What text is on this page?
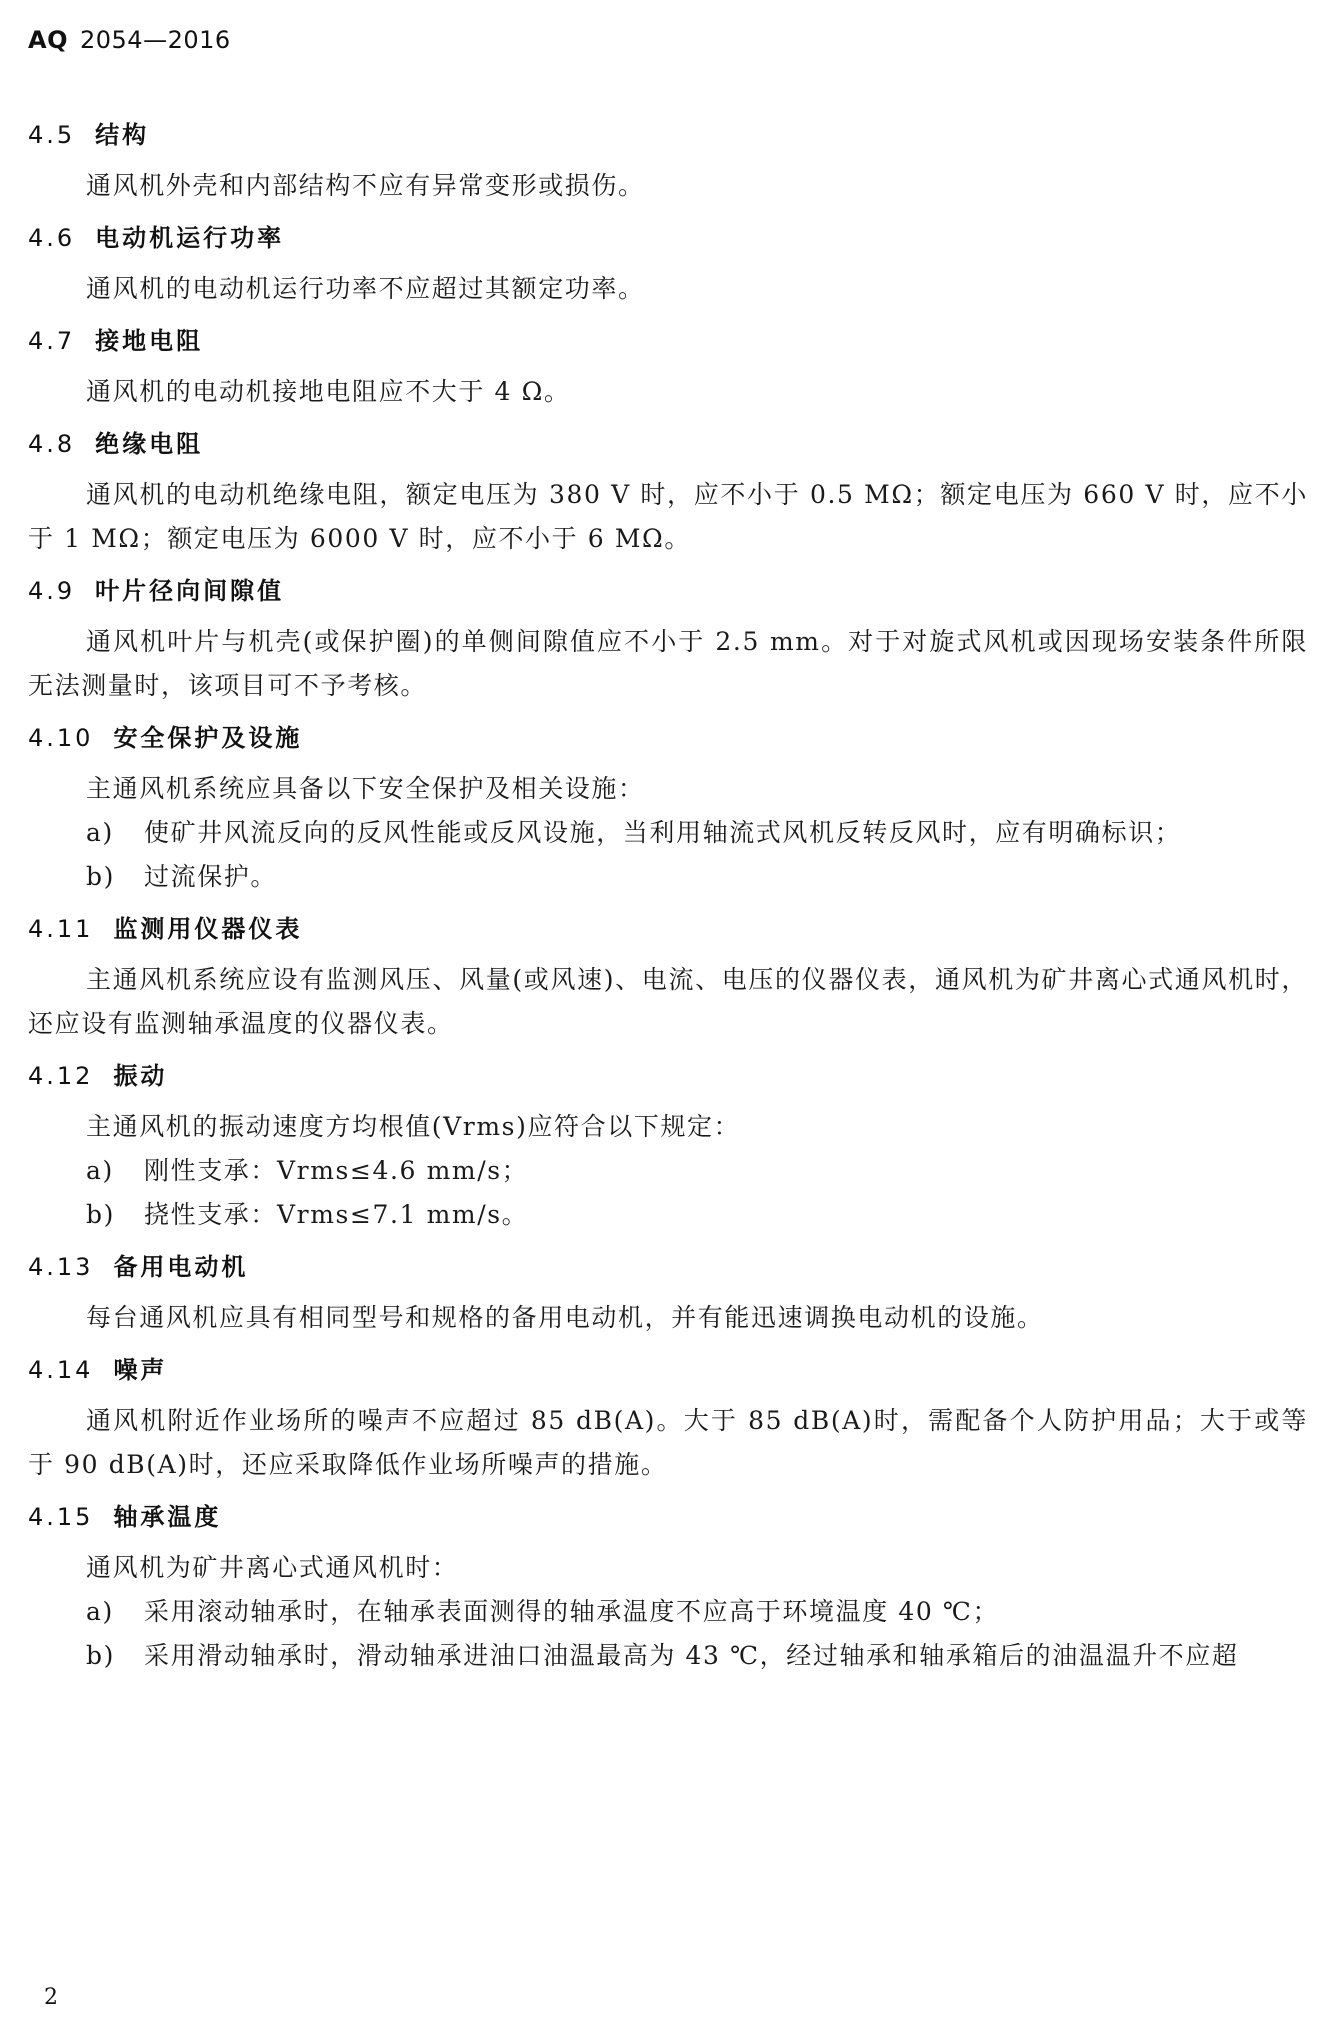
AQ 2054—2016
4.5 结构
通风机外壳和内部结构不应有异常变形或损伤。
4.6 电动机运行功率
通风机的电动机运行功率不应超过其额定功率。
4.7 接地电阻
通风机的电动机接地电阻应不大于 4 Ω。
4.8 绝缘电阻
通风机的电动机绝缘电阻，额定电压为 380 V 时，应不小于 0.5 MΩ；额定电压为 660 V 时，应不小于 1 MΩ；额定电压为 6000 V 时，应不小于 6 MΩ。
4.9 叶片径向间隙值
通风机叶片与机壳(或保护圈)的单侧间隙值应不小于 2.5 mm。对于对旋式风机或因现场安装条件所限无法测量时，该项目可不予考核。
4.10 安全保护及设施
主通风机系统应具备以下安全保护及相关设施：
a) 使矿井风流反向的反风性能或反风设施，当利用轴流式风机反转反风时，应有明确标识；
b) 过流保护。
4.11 监测用仪器仪表
主通风机系统应设有监测风压、风量(或风速)、电流、电压的仪器仪表，通风机为矿井离心式通风机时，还应设有监测轴承温度的仪器仪表。
4.12 振动
主通风机的振动速度方均根值(Vrms)应符合以下规定：
a) 刚性支承：Vrms≤4.6 mm/s；
b) 挠性支承：Vrms≤7.1 mm/s。
4.13 备用电动机
每台通风机应具有相同型号和规格的备用电动机，并有能迅速调换电动机的设施。
4.14 噪声
通风机附近作业场所的噪声不应超过 85 dB(A)。大于 85 dB(A)时，需配备个人防护用品；大于或等于 90 dB(A)时，还应采取降低作业场所噪声的措施。
4.15 轴承温度
通风机为矿井离心式通风机时：
a) 采用滚动轴承时，在轴承表面测得的轴承温度不应高于环境温度 40 ℃；
b) 采用滑动轴承时，滑动轴承进油口油温最高为 43 ℃，经过轴承和轴承箱后的油温温升不应超
2
